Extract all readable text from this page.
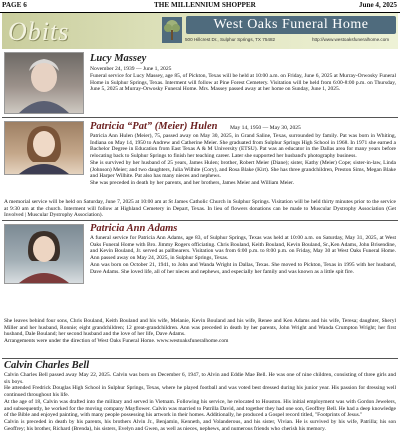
PAGE 6	THE MILLENNIUM SHOPPER	June 4, 2025
Obits	West Oaks Funeral Home
500 Hillcrest Dr., Sulphur Springs, TX 75482	http://www.westoaksfuneralhome.com
Lucy Massey
November 24, 1939 — June 1, 2025

Funeral service for Lucy Massey, age 85, of Pickton, Texas will be held at 10:00 a.m. on Friday, June 6, 2025 at Murray-Orwosky Funeral Home in Sulphur Springs, Texas. Interment will follow at Pine Forest Cemetery. Visitation will be held from 6:00-8:00 p.m. on Thursday, June 5, 2025 at Murray-Orwosky Funeral Home. Mrs. Massey passed away at her home on Sunday, June 1, 2025.

Patricia “Pat” (Meier) Hulen May 14, 1950 — May 30, 2025

Patricia Ann Hulen (Meier), 75, passed away on May 30, 2025, in Grand Saline, Texas, surrounded by family. Pat was born in Whiting, Indiana on May 14, 1950 to Andrew and Catherine Meier. She graduated from Sulphur Springs High School in 1968. In 1971 she earned a Bachelor Degree in Education from East Texas A & M University (ETSU). Pat was an educator in the Dallas area for many years before relocating back to Sulphur Springs to finish her teaching career. Later she supported her husband's photography business.

She is survived by her husband of 25 years, James Hulen; brother, Robert Meier (Diane); sister, Kathy (Meier) Cope; sister-in-law, Linda (Johnson) Meier; and two daughters, Julia Wilhite (Cory), and Rosa Blake (Kirt). She has three grandchildren, Preston Sims, Megan Blake and Harper Wilhite. Pat also has many nieces and nephews.

She was preceded in death by her parents, and her brothers, James Meier and William Meier.

A memorial service will be held on Saturday, June 7, 2025 at 10:00 am at St James Catholic Church in Sulphur Springs. Visitation will be held thirty minutes prior to the service at 9:30 am at the church. Interment will follow at Highland Cemetery in Depart, Texas. In lieu of flowers donations can be made to Muscular Dystrophy Association (Get Involved | Muscular Dystrophy Association).

Patricia Ann Adams

A funeral service for Patricia Ann Adams, age 83, of Sulphur Springs, Texas was held at 10:00 a.m. on Saturday, May 31, 2025, at West Oaks Funeral Home with Bro. Jimmy Rogers officiating. Chris Bouland, Keith Bouland, Kevin Bouland, Sr.,Ken Adams, John Brisendine, and Kevin Bouland, Jr. served as pallbearers. Visitation was from 6:00 p.m. to 8:00 p.m. on Friday, May 30 at West Oaks Funeral Home. Ann passed away on May 24, 2025, in Sulphur Springs, Texas.

Ann was born on October 21, 1941, to John and Wanda Wright in Dallas, Texas. She moved to Pickton, Texas in 1995 with her husband, Dave Adams. She loved life, all of her nieces and nephews, and especially her family and was known as a little spit fire.

She leaves behind four sons, Chris Bouland, Keith Bouland and his wife, Melanie, Kevin Bouland and his wife, Renee and Ken Adams and his wife, Teresa; daughter, Sheryl Miller and her husband, Ronnie; eight grandchildren; 12 great-grandchildren. Ann was preceded in death by her parents, John Wright and Wanda Crumpton Wright; her first husband, Dale Bouland; her second husband and the love of her life, Dave Adams.

Arrangements were under the direction of West Oaks Funeral Home. www.westoaksfuneralhome.com

Calvin Charles Bell

Calvin Charles Bell passed away May 22, 2025. Calvin was born on December 6, 1947, to Alvin and Eddie Mae Bell. He was one of nine children, consisting of three girls and six boys.

He attended Fredrick Douglas High School in Sulphur Springs, Texas, where he played football and was voted best dressed during his junior year. His passion for dressing well continued throughout his life.

At the age of 18, Calvin was drafted into the military and served in Vietnam. Following his service, he relocated to Houston. His initial employment was with Gordon Jewelers, and subsequently, he worked for the moving company Mayflower. Calvin was married to Patrilla David, and together they had one son, Geoffrey Bell. He had a deep knowledge of the Bible and enjoyed painting, with many people possessing his artwork in their homes. Additionally, he produced a Gospel record titled, "Footprints of Jesus."

Calvin is preceded in death by his parents, his brothers Alvin Jr., Benjamin, Kenneth, and Volanderous, and his sister, Vivian. He is survived by his wife, Patrilla; his son Geoffrey; his brother, Richard (Brenda), his sisters, Evelyn and Gwen, as well as nieces, nephews, and numerous friends who cherish his memory.
